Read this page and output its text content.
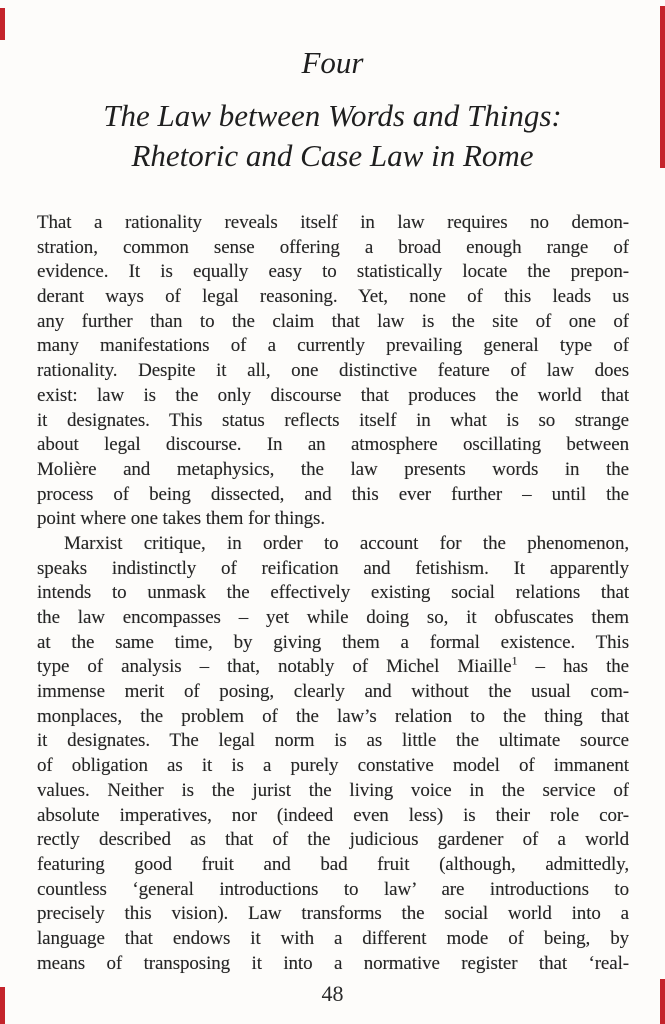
Four
The Law between Words and Things:
Rhetoric and Case Law in Rome
That a rationality reveals itself in law requires no demon-
stration, common sense offering a broad enough range of
evidence. It is equally easy to statistically locate the prepon-
derant ways of legal reasoning. Yet, none of this leads us
any further than to the claim that law is the site of one of
many manifestations of a currently prevailing general type of
rationality. Despite it all, one distinctive feature of law does
exist: law is the only discourse that produces the world that
it designates. This status reflects itself in what is so strange
about legal discourse. In an atmosphere oscillating between
Molière and metaphysics, the law presents words in the
process of being dissected, and this ever further – until the
point where one takes them for things.
Marxist critique, in order to account for the phenomenon,
speaks indistinctly of reification and fetishism. It apparently
intends to unmask the effectively existing social relations that
the law encompasses – yet while doing so, it obfuscates them
at the same time, by giving them a formal existence. This
type of analysis – that, notably of Michel Miaille$^1$ – has the
immense merit of posing, clearly and without the usual com-
monplaces, the problem of the law’s relation to the thing that
it designates. The legal norm is as little the ultimate source
of obligation as it is a purely constative model of immanent
values. Neither is the jurist the living voice in the service of
absolute imperatives, nor (indeed even less) is their role cor-
rectly described as that of the judicious gardener of a world
featuring good fruit and bad fruit (although, admittedly,
countless ‘general introductions to law’ are introductions to
precisely this vision). Law transforms the social world into a
language that endows it with a different mode of being, by
means of transposing it into a normative register that ‘real-
48
